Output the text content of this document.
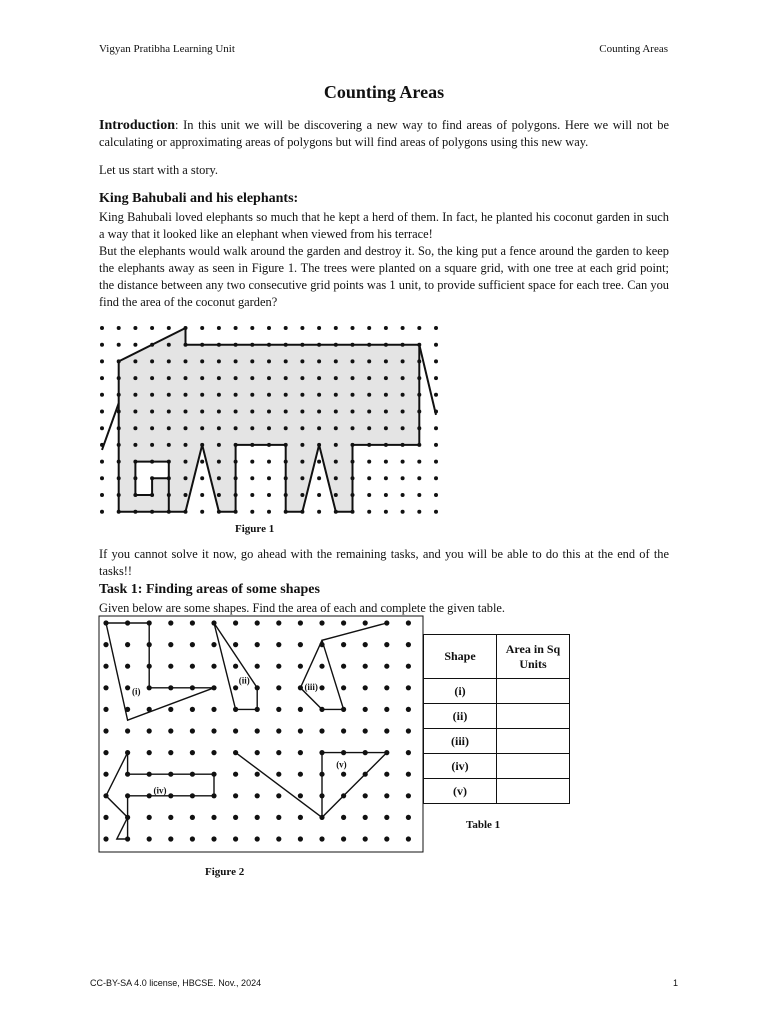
Vigyan Pratibha Learning Unit	Counting Areas
Counting Areas

Introduction: In this unit we will be discovering a new way to find areas of polygons. Here we will not be calculating or approximating areas of polygons but will find areas of polygons using this new way.

Let us start with a story.

King Bahubali and his elephants:

King Bahubali loved elephants so much that he kept a herd of them. In fact, he planted his coconut garden in such a way that it looked like an elephant when viewed from his terrace!

But the elephants would walk around the garden and destroy it. So, the king put a fence around the garden to keep the elephants away as seen in Figure 1. The trees were planted on a square grid, with one tree at each grid point; the distance between any two consecutive grid points was 1 unit, to provide sufficient space for each tree. Can you find the area of the coconut garden?

Figure 1

If you cannot solve it now, go ahead with the remaining tasks, and you will be able to do this at the end of the tasks!!

Task 1: Finding areas of some shapes

Given below are some shapes. Find the area of each and complete the given table.

(i)
(ii)
(iii)
(iv)
(v)
Figure 2
Shape	Area in Sq Units
(i)	
(ii)	
(iii)	
(iv)	
(v)	
Table 1
CC-BY-SA 4.0 license, HBCSE. Nov., 2024	1
